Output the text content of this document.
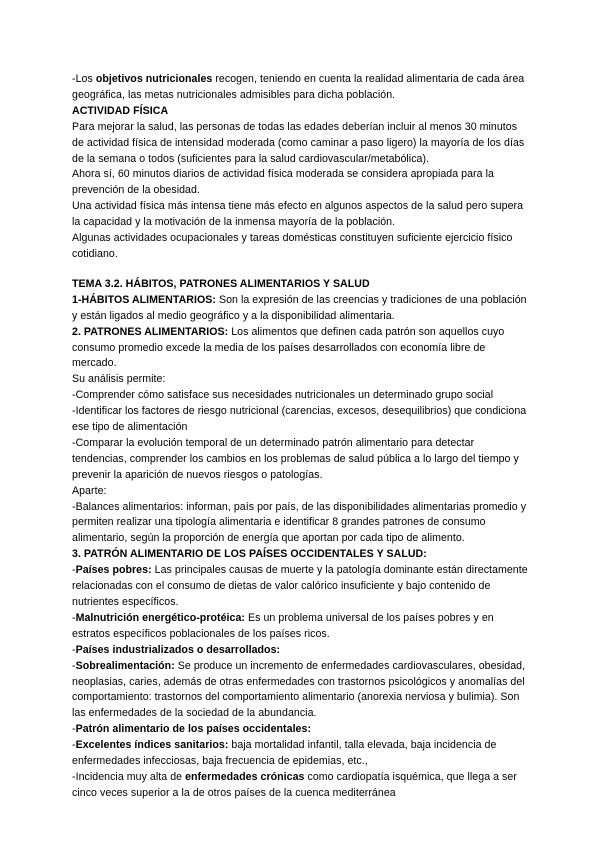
-Los objetivos nutricionales recogen, teniendo en cuenta la realidad alimentaria de cada área geográfica, las metas nutricionales admisibles para dicha población.

ACTIVIDAD FÍSICA

Para mejorar la salud, las personas de todas las edades deberían incluir al menos 30 minutos de actividad física de intensidad moderada (como caminar a paso ligero) la mayoría de los días de la semana o todos (suficientes para la salud cardiovascular/metabólica).

Ahora sí, 60 minutos diarios de actividad física moderada se considera apropiada para la prevención de la obesidad.

Una actividad física más intensa tiene más efecto en algunos aspectos de la salud pero supera la capacidad y la motivación de la inmensa mayoría de la población.

Algunas actividades ocupacionales y tareas domésticas constituyen suficiente ejercicio físico cotidiano.

TEMA 3.2. HÁBITOS, PATRONES ALIMENTARIOS Y SALUD

1-HÁBITOS ALIMENTARIOS: Son la expresión de las creencias y tradiciones de una población y están ligados al medio geográfico y a la disponibilidad alimentaria.

2. PATRONES ALIMENTARIOS: Los alimentos que definen cada patrón son aquellos cuyo consumo promedio excede la media de los países desarrollados con economía libre de mercado.

Su análisis permite:

-Comprender cómo satisface sus necesidades nutricionales un determinado grupo social

-Identificar los factores de riesgo nutricional (carencias, excesos, desequilibrios) que condiciona ese tipo de alimentación

-Comparar la evolución temporal de un determinado patrón alimentario para detectar tendencias, comprender los cambios en los problemas de salud pública a lo largo del tiempo y prevenir la aparición de nuevos riesgos o patologías.

Aparte:

-Balances alimentarios: informan, país por país, de las disponibilidades alimentarias promedio y permiten realizar una tipología alimentaria e identificar 8 grandes patrones de consumo alimentario, según la proporción de energía que aportan por cada tipo de alimento.

3. PATRÓN ALIMENTARIO DE LOS PAÍSES OCCIDENTALES Y SALUD:

-Países pobres: Las principales causas de muerte y la patología dominante están directamente relacionadas con el consumo de dietas de valor calórico insuficiente y bajo contenido de nutrientes específicos.

-Malnutrición energético-protéica: Es un problema universal de los países pobres y en estratos específicos poblacionales de los países ricos.

-Países industrializados o desarrollados:

-Sobrealimentación: Se produce un incremento de enfermedades cardiovasculares, obesidad, neoplasias, caries, además de otras enfermedades con trastornos psicológicos y anomalías del comportamiento: trastornos del comportamiento alimentario (anorexia nerviosa y bulimia). Son las enfermedades de la sociedad de la abundancia.

-Patrón alimentario de los países occidentales:

-Excelentes índices sanitarios: baja mortalidad infantil, talla elevada, baja incidencia de enfermedades infecciosas, baja frecuencia de epidemias, etc.,

-Incidencia muy alta de enfermedades crónicas como cardiopatía isquémica, que llega a ser cinco veces superior a la de otros países de la cuenca mediterránea
